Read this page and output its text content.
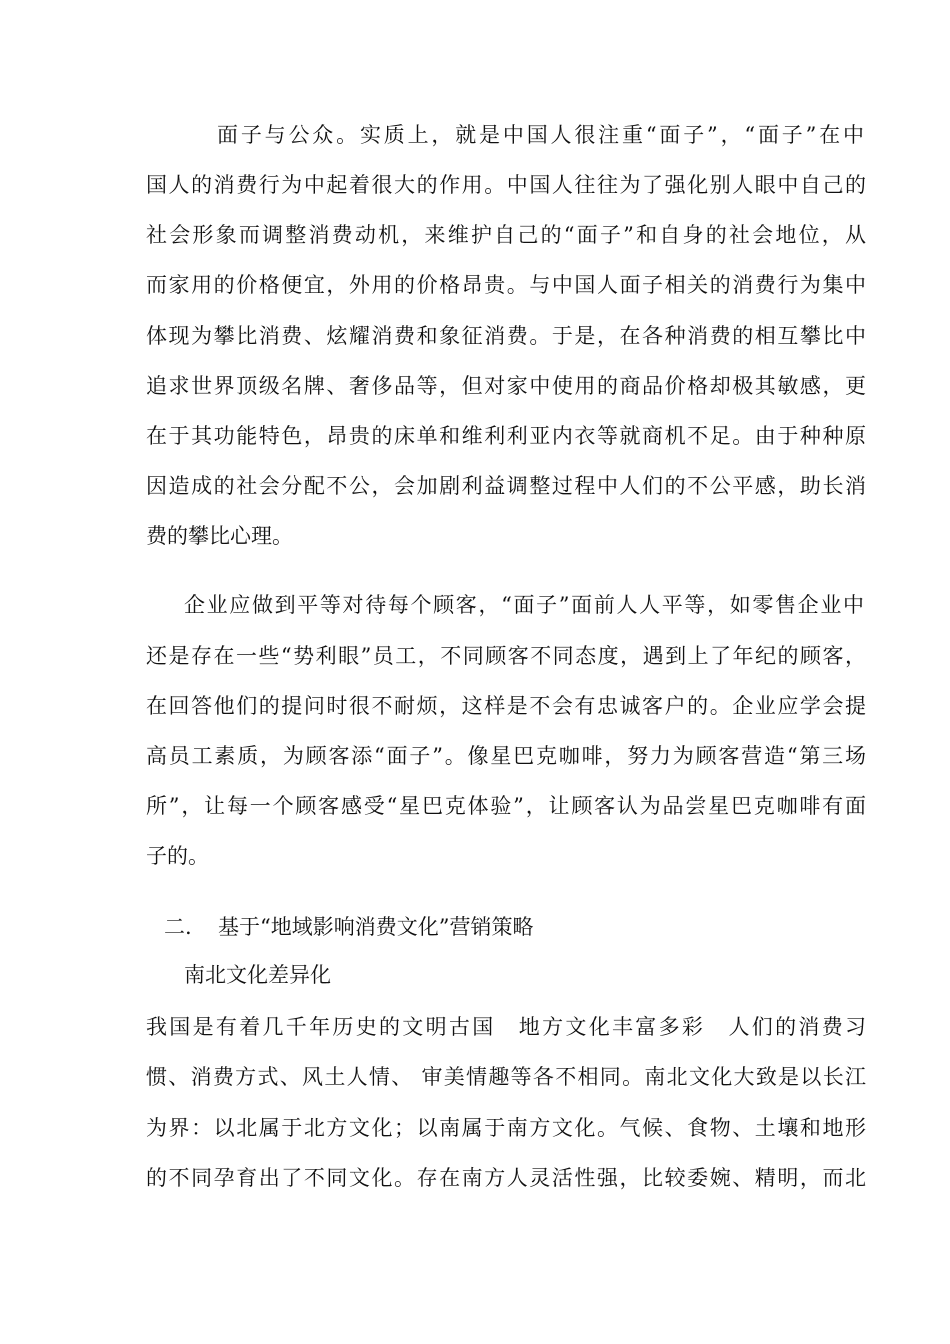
面子与公众。实质上，就是中国人很注重“面子”，“面子”在中
国人的消费行为中起着很大的作用。中国人往往为了强化别人眼中自己的
社会形象而调整消费动机，来维护自己的“面子”和自身的社会地位，从
而家用的价格便宜，外用的价格昂贵。与中国人面子相关的消费行为集中
体现为攀比消费、炫耀消费和象征消费。于是，在各种消费的相互攀比中
追求世界顶级名牌、奢侈品等，但对家中使用的商品价格却极其敏感，更
在于其功能特色，昂贵的床单和维利利亚内衣等就商机不足。由于种种原
因造成的社会分配不公，会加剧利益调整过程中人们的不公平感，助长消
费的攀比心理。
企业应做到平等对待每个顾客，“面子”面前人人平等，如零售企业中
还是存在一些“势利眼”员工，不同顾客不同态度，遇到上了年纪的顾客，
在回答他们的提问时很不耐烦，这样是不会有忠诚客户的。企业应学会提
高员工素质，为顾客添“面子”。像星巴克咖啡，努力为顾客营造“第三场
所”，让每一个顾客感受“星巴克体验”，让顾客认为品尝星巴克咖啡有面
子的。
二. 基于“地域影响消费文化”营销策略
南北文化差异化
我国是有着几千年历史的文明古国　地方文化丰富多彩　人们的消费习
惯、消费方式、风土人情、 审美情趣等各不相同。南北文化大致是以长江
为界：以北属于北方文化；以南属于南方文化。气候、食物、土壤和地形
的不同孕育出了不同文化。存在南方人灵活性强，比较委婉、精明，而北
